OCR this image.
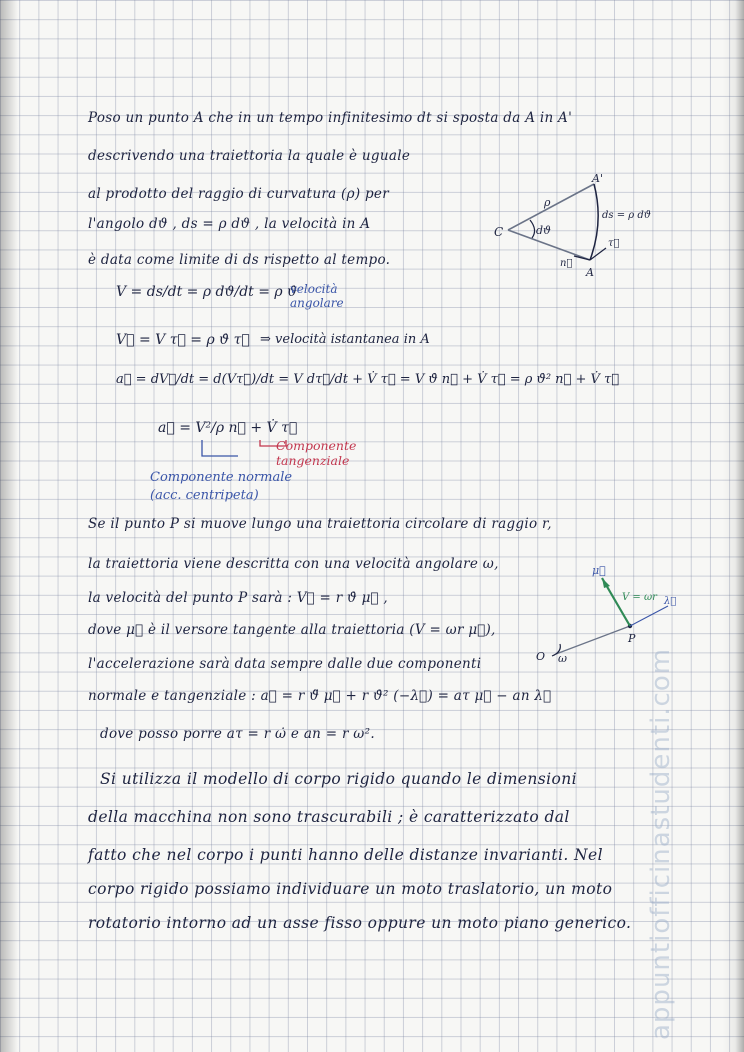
Poso un punto A che in un tempo infinitesimo dt si sposta da A in A'
descrivendo una traiettoria la quale è uguale
al prodotto del raggio di curvatura (ρ) per
l'angolo dϑ , ds = ρ dϑ , la velocità in A
è data come limite di ds rispetto al tempo.
C
ρ
dϑ
A'
A
ds = ρ dϑ
τ⃗
n⃗
V = ds/dt = ρ dϑ/dt = ρ ϑ̇
velocità angolare
V⃗ = V τ⃗ = ρ ϑ̇ τ⃗ ⇒ velocità istantanea in A
a⃗ = dV⃗/dt = d(Vτ⃗)/dt = V dτ⃗/dt + V̇ τ⃗ = V ϑ̇ n⃗ + V̇ τ⃗ = ρ ϑ̇² n⃗ + V̇ τ⃗
a⃗ = V²/ρ n⃗ + V̇ τ⃗
Componente tangenziale
Componente normale
(acc. centripeta)
Se il punto P si muove lungo una traiettoria circolare di raggio r,
la traiettoria viene descritta con una velocità angolare ω,
la velocità del punto P sarà : V⃗ = r ϑ̇ μ⃗ ,
dove μ⃗ è il versore tangente alla traiettoria (V = ωr μ⃗),
l'accelerazione sarà data sempre dalle due componenti
normale e tangenziale : a⃗ = r ϑ̈ μ⃗ + r ϑ̇² (−λ⃗) = aτ μ⃗ − an λ⃗
dove posso porre aτ = r ω̇ e an = r ω².
O ω
P
μ⃗
V = ωr λ⃗
Si utilizza il modello di corpo rigido quando le dimensioni
della macchina non sono trascurabili ; è caratterizzato dal
fatto che nel corpo i punti hanno delle distanze invarianti. Nel
corpo rigido possiamo individuare un moto traslatorio, un moto
rotatorio intorno ad un asse fisso oppure un moto piano generico. appuntiofficinastudenti.com
